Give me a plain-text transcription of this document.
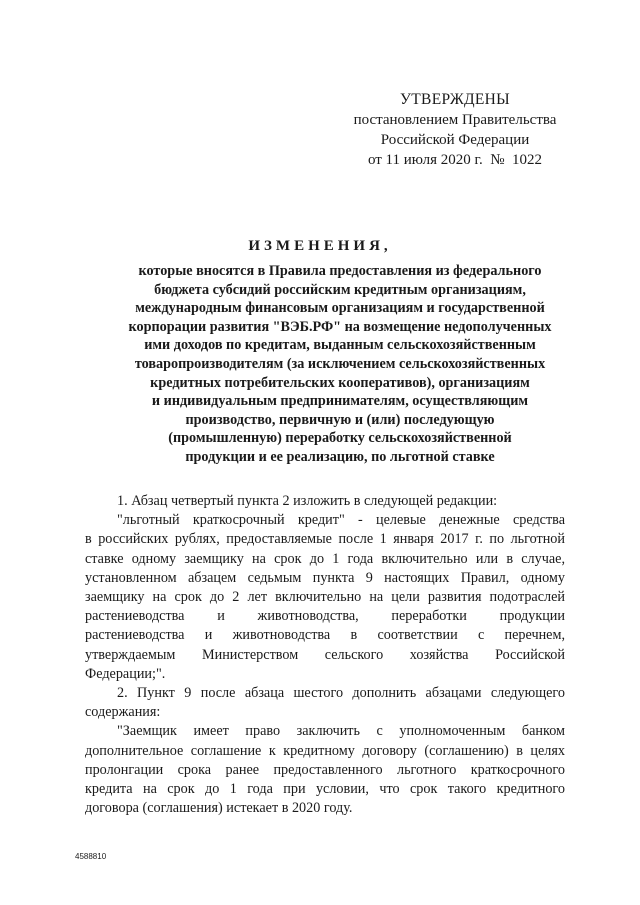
УТВЕРЖДЕНЫ
постановлением Правительства
Российской Федерации
от 11 июля 2020 г.  №  1022
ИЗМЕНЕНИЯ,
которые вносятся в Правила предоставления из федерального
бюджета субсидий российским кредитным организациям,
международным финансовым организациям и государственной
корпорации развития "ВЭБ.РФ" на возмещение недополученных
ими доходов по кредитам, выданным сельскохозяйственным
товаропроизводителям (за исключением сельскохозяйственных
кредитных потребительских кооперативов), организациям
и индивидуальным предпринимателям, осуществляющим
производство, первичную и (или) последующую
(промышленную) переработку сельскохозяйственной
продукции и ее реализацию, по льготной ставке
1. Абзац четвертый пункта 2 изложить в следующей редакции:
"льготный краткосрочный кредит" - целевые денежные средства
в российских рублях, предоставляемые после 1 января 2017 г. по льготной
ставке одному заемщику на срок до 1 года включительно или в случае,
установленном абзацем седьмым пункта 9 настоящих Правил, одному
заемщику на срок до 2 лет включительно на цели развития подотраслей
растениеводства и животноводства, переработки продукции
растениеводства и животноводства в соответствии с перечнем,
утверждаемым Министерством сельского хозяйства Российской
Федерации;".
2. Пункт 9 после абзаца шестого дополнить абзацами следующего
содержания:
"Заемщик имеет право заключить с уполномоченным банком
дополнительное соглашение к кредитному договору (соглашению) в целях
пролонгации срока ранее предоставленного льготного краткосрочного
кредита на срок до 1 года при условии, что срок такого кредитного
договора (соглашения) истекает в 2020 году.
4588810
